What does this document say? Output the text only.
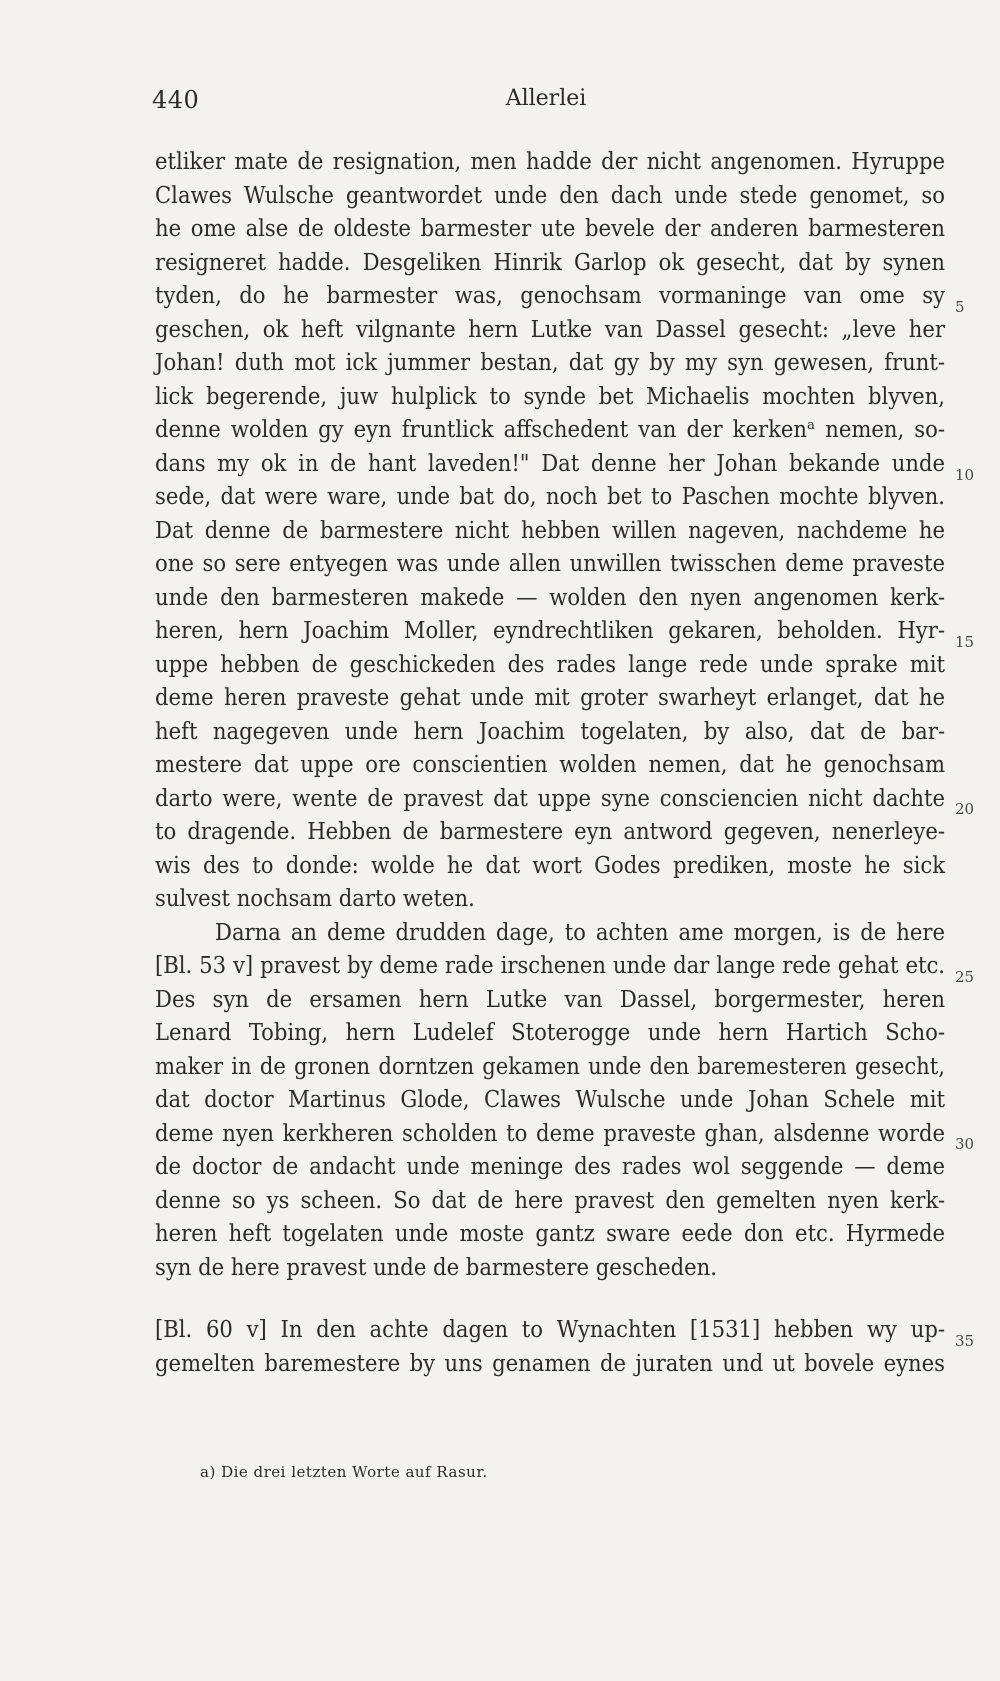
440	Allerlei
etliker mate de resignation, men hadde der nicht angenomen. Hyruppe
Clawes Wulsche geantwordet unde den dach unde stede genomet, so
he ome alse de oldeste barmester ute bevele der anderen barmesteren
resigneret hadde. Desgeliken Hinrik Garlop ok gesecht, dat by synen
tyden, do he barmester was, genochsam vormaninge van ome sy
geschen, ok heft vilgnante hern Lutke van Dassel gesecht: „leve her
Johan! duth mot ick jummer bestan, dat gy by my syn gewesen, frunt-
lick begerende, juw hulplick to synde bet Michaelis mochten blyven,
denne wolden gy eyn fruntlick affschedent van der kerkenᵃ nemen, so-
dans my ok in de hant laveden!" Dat denne her Johan bekande unde
sede, dat were ware, unde bat do, noch bet to Paschen mochte blyven.
Dat denne de barmestere nicht hebben willen nageven, nachdeme he
one so sere entyegen was unde allen unwillen twisschen deme praveste
unde den barmesteren makede — wolden den nyen angenomen kerk-
heren, hern Joachim Moller, eyndrechtliken gekaren, beholden. Hyr-
uppe hebben de geschickeden des rades lange rede unde sprake mit
deme heren praveste gehat unde mit groter swarheyt erlanget, dat he
heft nagegeven unde hern Joachim togelaten, by also, dat de bar-
mestere dat uppe ore conscientien wolden nemen, dat he genochsam
darto were, wente de pravest dat uppe syne consciencien nicht dachte
to dragende. Hebben de barmestere eyn antword gegeven, nenerleye-
wis des to donde: wolde he dat wort Godes prediken, moste he sick
sulvest nochsam darto weten.
Darna an deme drudden dage, to achten ame morgen, is de here
[Bl. 53 v] pravest by deme rade irschenen unde dar lange rede gehat etc.
Des syn de ersamen hern Lutke van Dassel, borgermester, heren
Lenard Tobing, hern Ludelef Stoterogge unde hern Hartich Scho-
maker in de gronen dorntzen gekamen unde den baremesteren gesecht,
dat doctor Martinus Glode, Clawes Wulsche unde Johan Schele mit
deme nyen kerkheren scholden to deme praveste ghan, alsdenne worde
de doctor de andacht unde meninge des rades wol seggende — deme
denne so ys scheen. So dat de here pravest den gemelten nyen kerk-
heren heft togelaten unde moste gantz sware eede don etc. Hyrmede
syn de here pravest unde de barmestere gescheden.
[Bl. 60 v] In den achte dagen to Wynachten [1531] hebben wy up-
gemelten baremestere by uns genamen de juraten und ut bovele eynes
5
10
15
20
25
30
35
a) Die drei letzten Worte auf Rasur.
